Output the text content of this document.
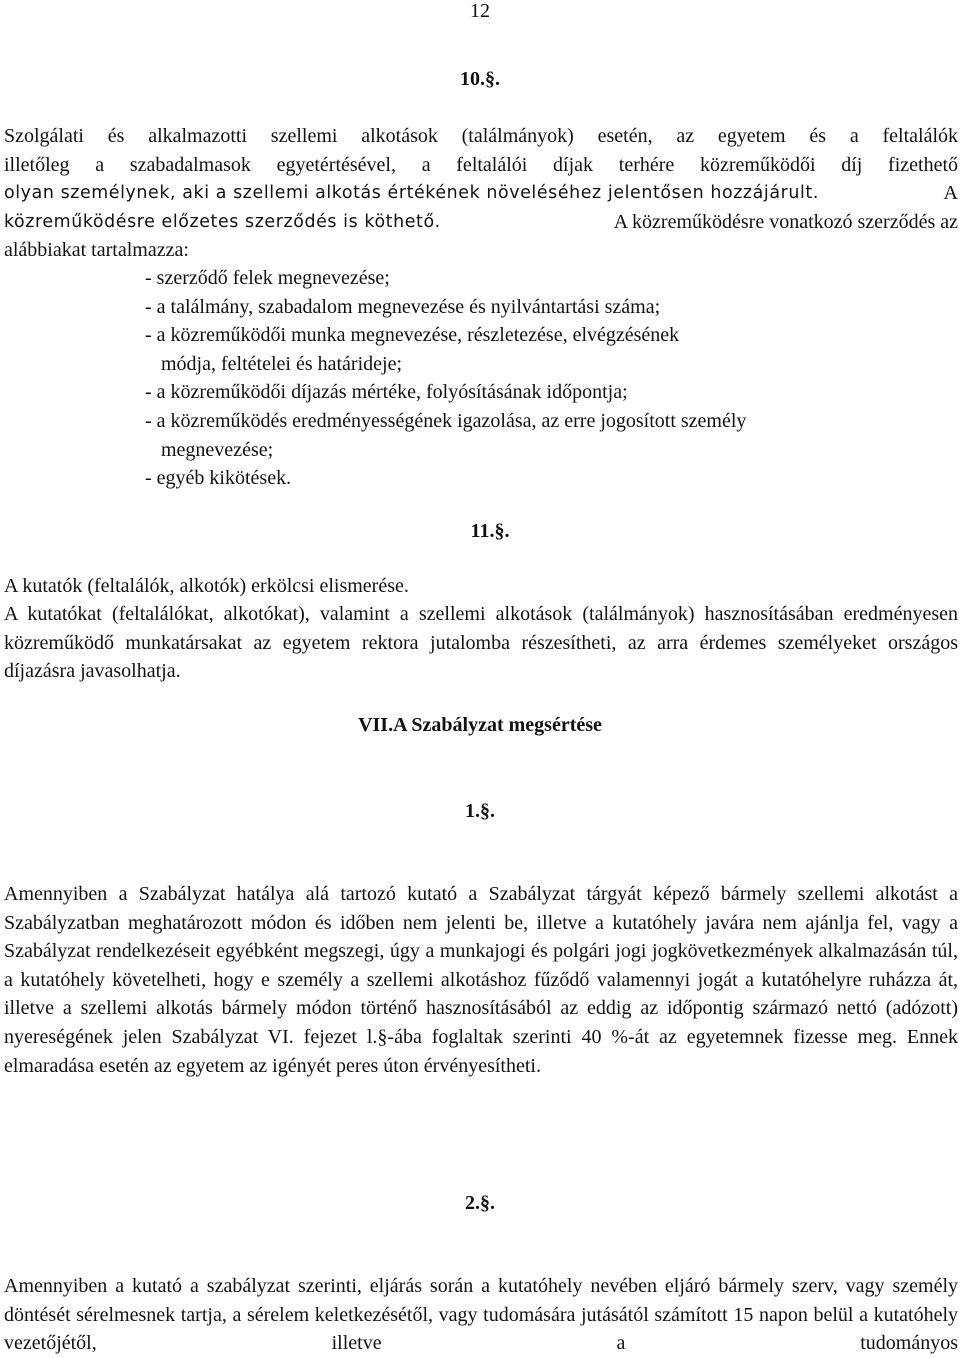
12
10.§.
Szolgálati és alkalmazotti szellemi alkotások (találmányok) esetén, az egyetem és a feltalálók
illetőleg a szabadalmasok egyetértésével, a feltalálói díjak terhére közreműködői díj fizethető
olyan személynek, aki a szellemi alkotás értékének növeléséhez jelentősen hozzájárult.	A
közreműködésre előzetes szerződés is köthető.	A közreműködésre vonatkozó szerződés az
alábbiakat tartalmazza:
- szerződő felek megnevezése;
- a találmány, szabadalom megnevezése és nyilvántartási száma;
- a közreműködői munka megnevezése, részletezése, elvégzésének
módja, feltételei és határideje;
- a közreműködői díjazás mértéke, folyósításának időpontja;
- a közreműködés eredményességének igazolása, az erre jogosított személy
megnevezése;
- egyéb kikötések.
11.§.
A kutatók (feltalálók, alkotók) erkölcsi elismerése.

A kutatókat (feltalálókat, alkotókat), valamint a szellemi alkotások (találmányok) hasznosításában eredményesen közreműködő munkatársakat az egyetem rektora jutalomba részesítheti, az arra érdemes személyeket országos díjazásra javasolhatja.

VII.A Szabályzat megsértése
1.§.

Amennyiben a Szabályzat hatálya alá tartozó kutató a Szabályzat tárgyát képező bármely szellemi alkotást a Szabályzatban meghatározott módon és időben nem jelenti be, illetve a kutatóhely javára nem ajánlja fel, vagy a Szabályzat rendelkezéseit egyébként megszegi, úgy a munkajogi és polgári jogi jogkövetkezmények alkalmazásán túl, a kutatóhely követelheti, hogy e személy a szellemi alkotáshoz fűződő valamennyi jogát a kutatóhelyre ruházza át, illetve a szellemi alkotás bármely módon történő hasznosításából az eddig az időpontig származó nettó (adózott) nyereségének jelen Szabályzat VI. fejezet l.§-ába foglaltak szerinti 40 %-át az egyetemnek fizesse meg. Ennek elmaradása esetén az egyetem az igényét peres úton érvényesítheti.

2.§.

Amennyiben a kutató a szabályzat szerinti, eljárás során a kutatóhely nevében eljáró bármely szerv, vagy személy döntését sérelmesnek tartja, a sérelem keletkezésétől, vagy tudomására jutásától számított 15 napon belül a kutatóhely vezetőjétől, illetve a tudományos
